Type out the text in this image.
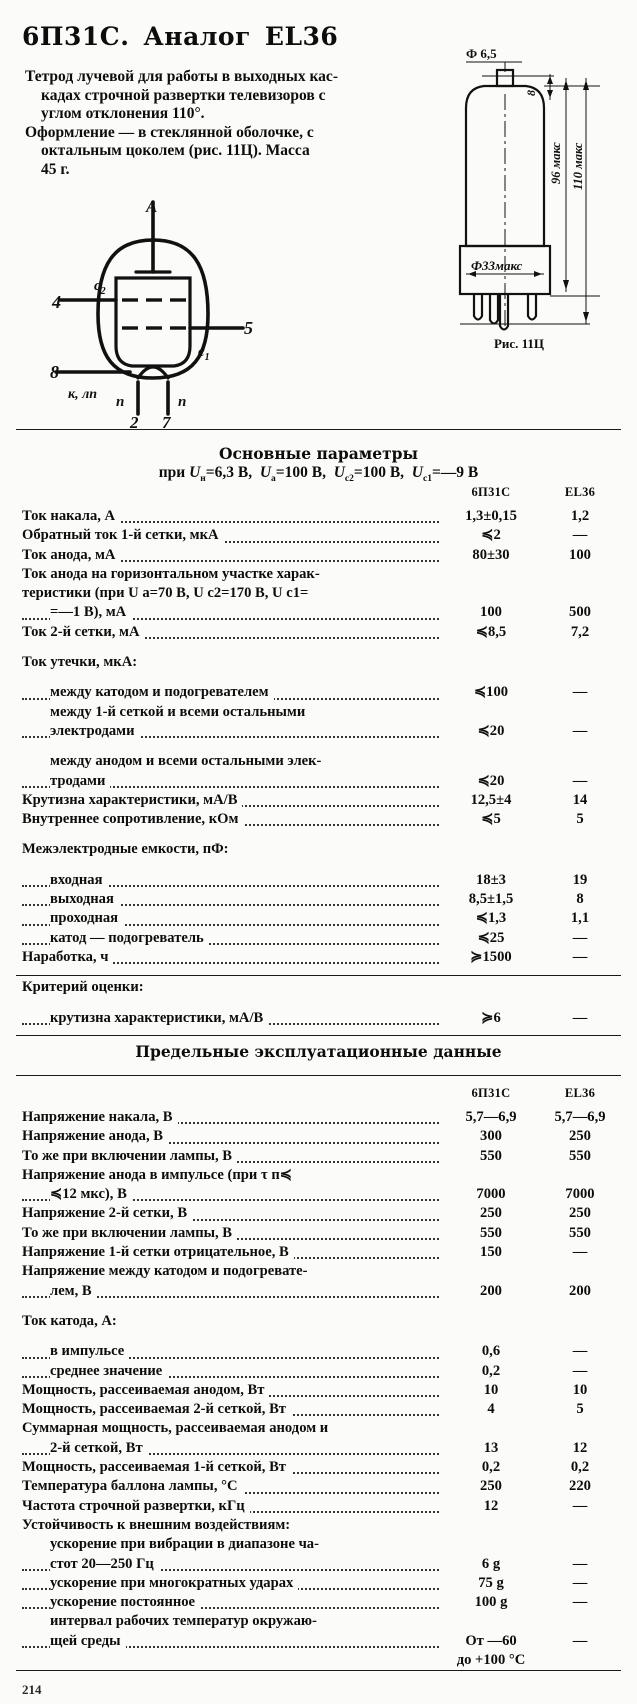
6П31С. Аналог EL36

Тетрод лучевой для работы в выходных кас-

кадах строчной развертки телевизоров с

углом отклонения 110°.

Оформление — в стеклянной оболочке, с

октальным цоколем (рис. 11Ц). Масса

45 г.

A
4
$c_2$
5
$c_1$
8
к, лп п	п
2 7
Ф 6,5
8
96 макс 110 макс
Ф33макс
Рис. 11Ц
Основные параметры
при $U_н=6,3$ В,  $U_a=100$ В,  $U_{c2}=100$ В,  $U_{c1}=—9$ В
6П31С	EL36
Ток накала, А	1,3±0,15	1,2
Обратный ток 1-й сетки, мкА	≼2	—
Ток анода, мА	80±30	100
Ток анода на горизонтальном участке харак-
теристики (при U a=70 В, U c2=170 В, U c1=
=—1 В), мА	100	500
Ток 2-й сетки, мА	≼8,5	7,2
Ток утечки, мкА:
между катодом и подогревателем	≼100	—
между 1-й сеткой и всеми остальными
электродами	≼20	—
между анодом и всеми остальными элек-
тродами	≼20	—
Крутизна характеристики, мА/В	12,5±4	14
Внутреннее сопротивление, кОм	≼5	5
Межэлектродные емкости, пФ:
входная	18±3	19
выходная	8,5±1,5	8
проходная	≼1,3	1,1
катод — подогреватель	≼25	—
Наработка, ч	≽1500	—
Критерий оценки:
крутизна характеристики, мА/В	≽6	—
Предельные эксплуатационные данные
6П31С	EL36
Напряжение накала, В	5,7—6,9	5,7—6,9
Напряжение анода, В	300	250
То же при включении лампы, В	550	550
Напряжение анода в импульсе (при τ п≼
≼12 мкс), В	7000	7000
Напряжение 2-й сетки, В	250	250
То же при включении лампы, В	550	550
Напряжение 1-й сетки отрицательное, В	150	—
Напряжение между катодом и подогревате-
лем, В	200	200
Ток катода, А:
в импульсе	0,6	—
среднее значение	0,2	—
Мощность, рассеиваемая анодом, Вт	10	10
Мощность, рассеиваемая 2-й сеткой, Вт	4	5
Суммарная мощность, рассеиваемая анодом и
2-й сеткой, Вт	13	12
Мощность, рассеиваемая 1-й сеткой, Вт	0,2	0,2
Температура баллона лампы, °С	250	220
Частота строчной развертки, кГц	12	—
Устойчивость к внешним воздействиям:
ускорение при вибрации в диапазоне ча-
стот 20—250 Гц	6 g	—
ускорение при многократных ударах	75 g	—
ускорение постоянное	100 g	—
интервал рабочих температур окружаю-
щей среды	От —60	—
до +100 °С
214
